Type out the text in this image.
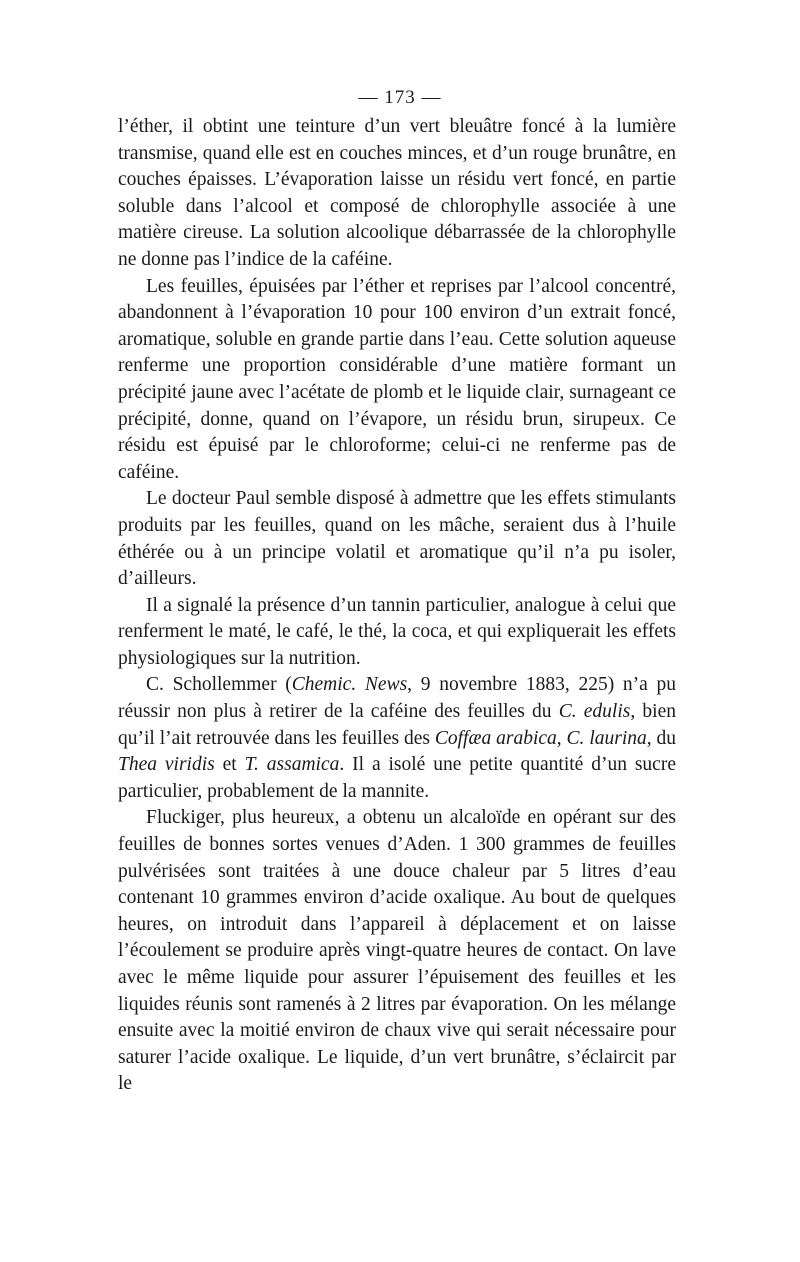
— 173 —

l’éther, il obtint une teinture d’un vert bleuâtre foncé à la lumière transmise, quand elle est en couches minces, et d’un rouge brunâtre, en couches épaisses. L’évaporation laisse un résidu vert foncé, en partie soluble dans l’alcool et composé de chlorophylle associée à une matière cireuse. La solution alcoolique débarrassée de la chlorophylle ne donne pas l’indice de la caféine.

Les feuilles, épuisées par l’éther et reprises par l’alcool concentré, abandonnent à l’évaporation 10 pour 100 environ d’un extrait foncé, aromatique, soluble en grande partie dans l’eau. Cette solution aqueuse renferme une proportion considérable d’une matière formant un précipité jaune avec l’acétate de plomb et le liquide clair, surnageant ce précipité, donne, quand on l’évapore, un résidu brun, sirupeux. Ce résidu est épuisé par le chloroforme; celui-ci ne renferme pas de caféine.

Le docteur Paul semble disposé à admettre que les effets stimulants produits par les feuilles, quand on les mâche, seraient dus à l’huile éthérée ou à un principe volatil et aromatique qu’il n’a pu isoler, d’ailleurs.

Il a signalé la présence d’un tannin particulier, analogue à celui que renferment le maté, le café, le thé, la coca, et qui expliquerait les effets physiologiques sur la nutrition.

C. Schollemmer (Chemic. News, 9 novembre 1883, 225) n’a pu réussir non plus à retirer de la caféine des feuilles du C. edulis, bien qu’il l’ait retrouvée dans les feuilles des Coffæa arabica, C. laurina, du Thea viridis et T. assamica. Il a isolé une petite quantité d’un sucre particulier, probablement de la mannite.

Fluckiger, plus heureux, a obtenu un alcaloïde en opérant sur des feuilles de bonnes sortes venues d’Aden. 1 300 grammes de feuilles pulvérisées sont traitées à une douce chaleur par 5 litres d’eau contenant 10 grammes environ d’acide oxalique. Au bout de quelques heures, on introduit dans l’appareil à déplacement et on laisse l’écoulement se produire après vingt-quatre heures de contact. On lave avec le même liquide pour assurer l’épuisement des feuilles et les liquides réunis sont ramenés à 2 litres par évaporation. On les mélange ensuite avec la moitié environ de chaux vive qui serait nécessaire pour saturer l’acide oxalique. Le liquide, d’un vert brunâtre, s’éclaircit par le
